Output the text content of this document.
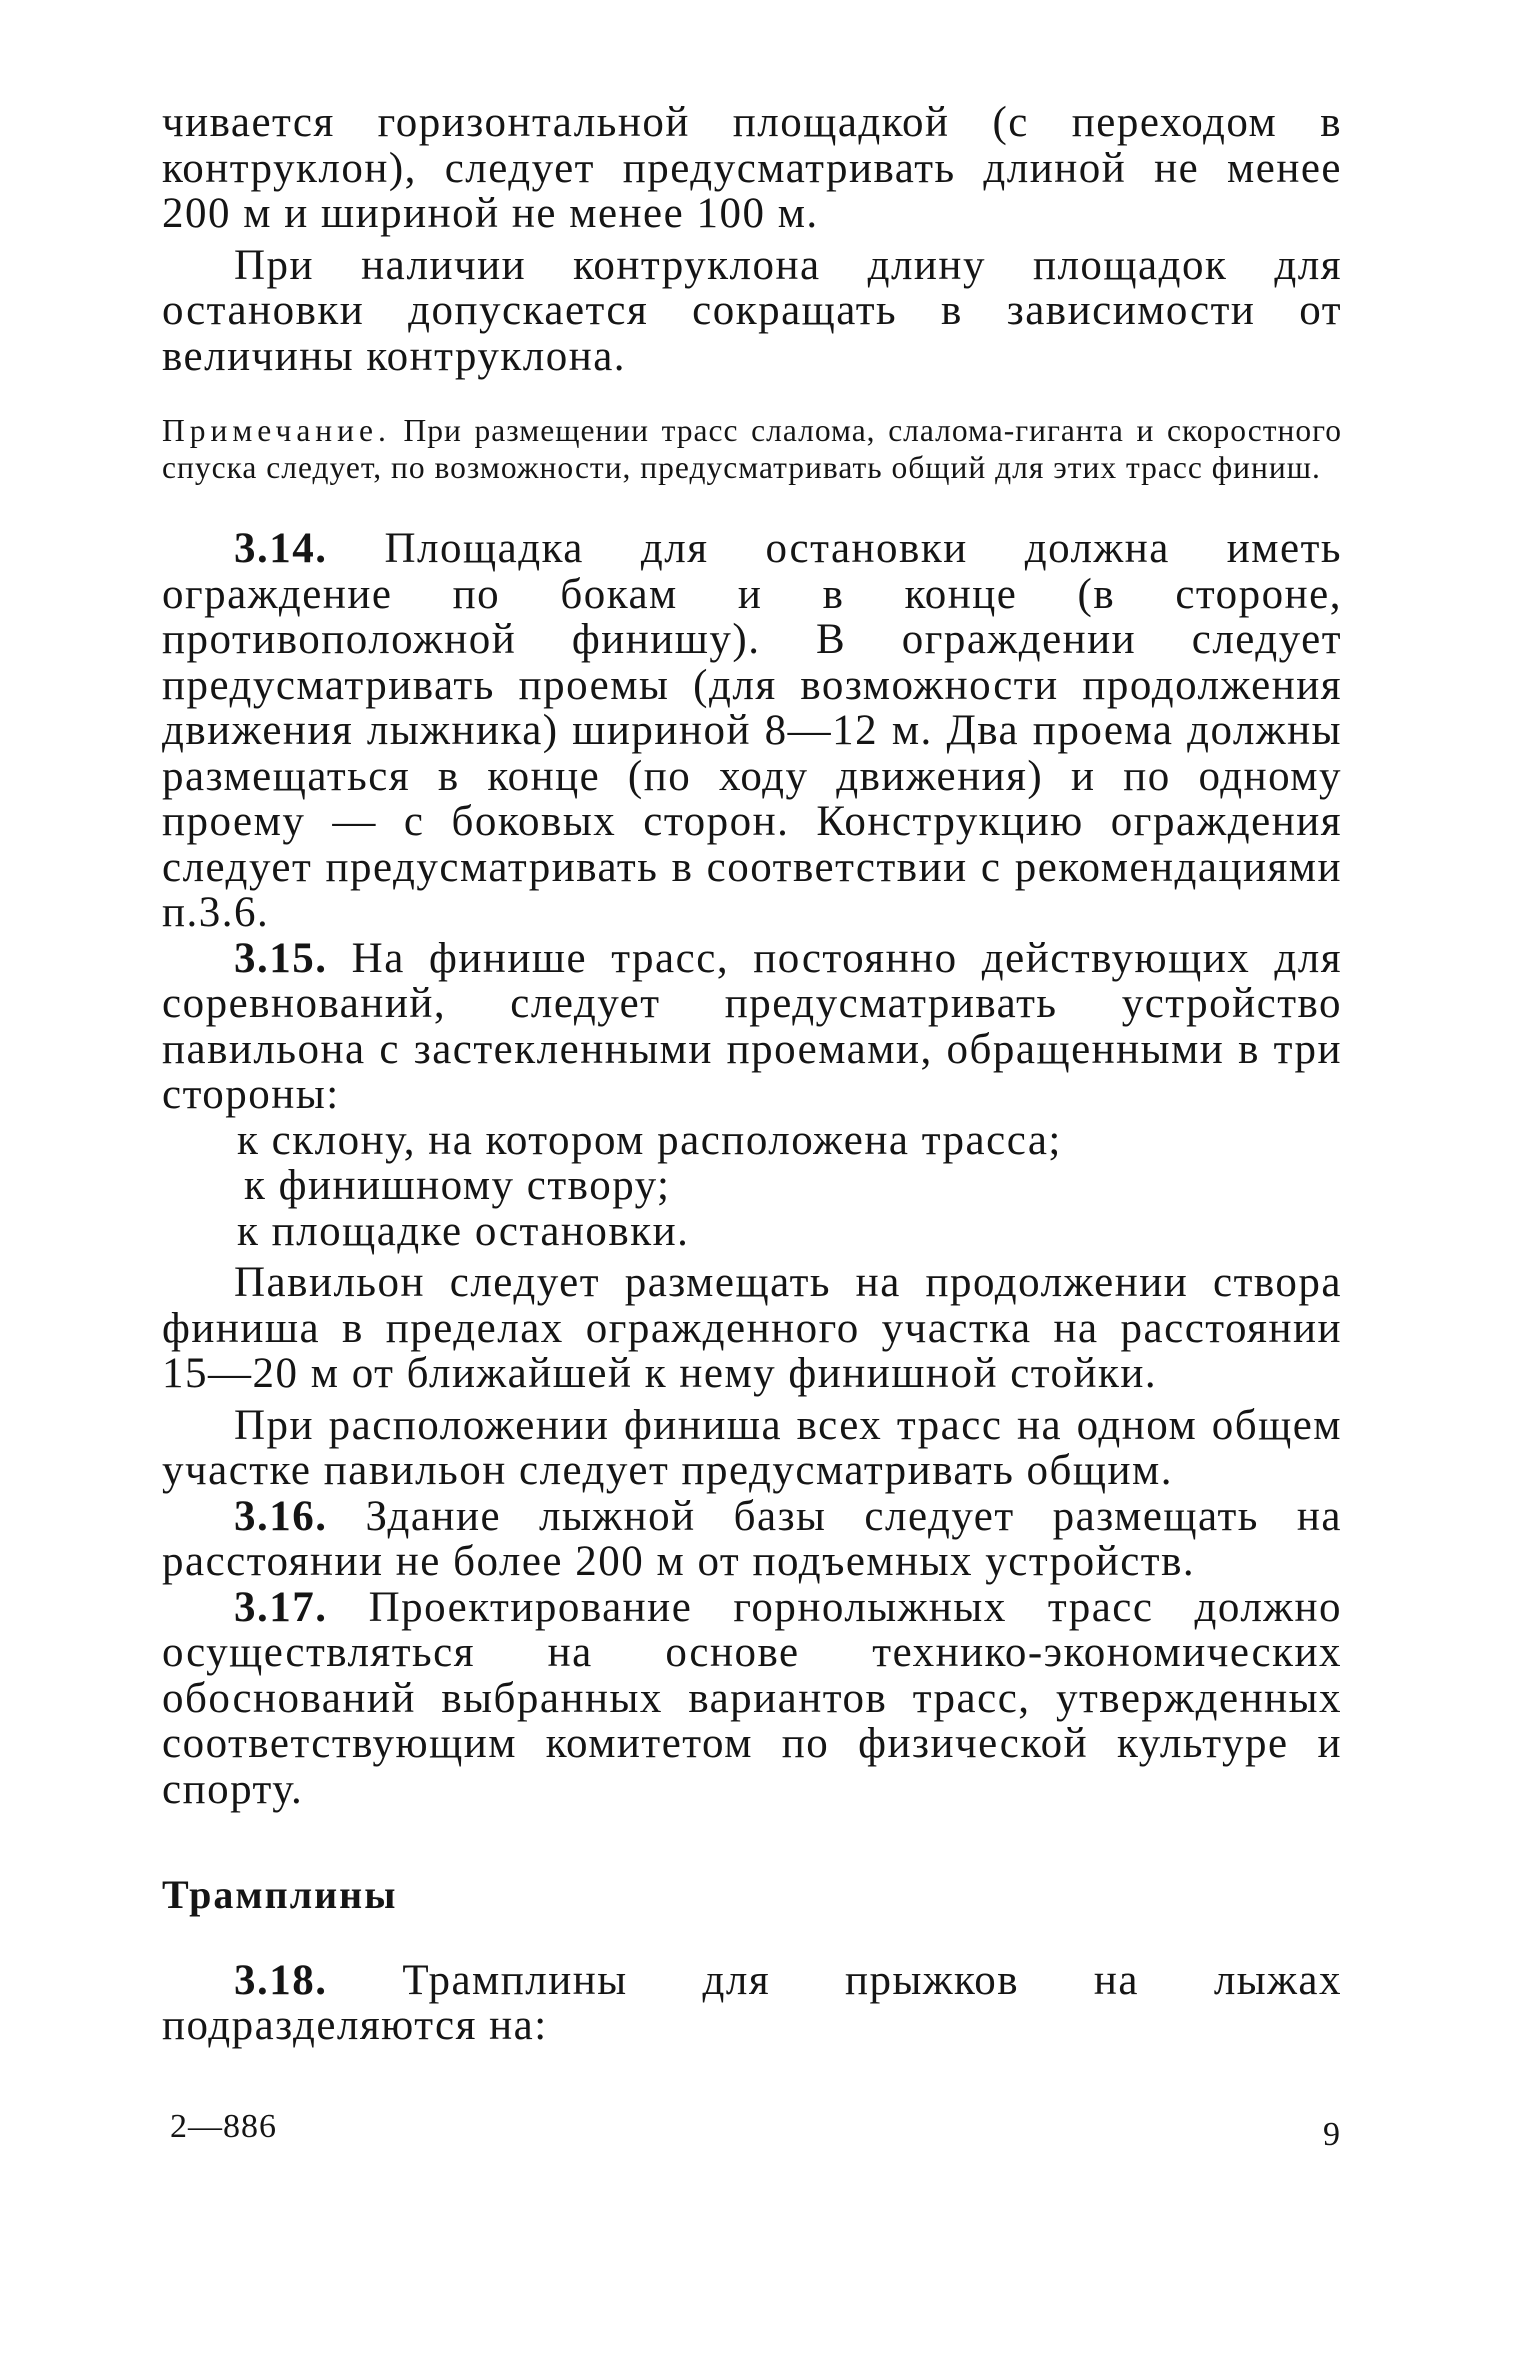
чивается горизонтальной площадкой (с переходом в контруклон), следует предусматривать длиной не менее 200 м и шириной не менее 100 м.

При наличии контруклона длину площадок для остановки допускается сокращать в зависимости от величины контруклона.

Примечание. При размещении трасс слалома, слалома-гиганта и скоростного спуска следует, по возможности, предусматривать общий для этих трасс финиш.

3.14. Площадка для остановки должна иметь ограждение по бокам и в конце (в стороне, противоположной финишу). В ограждении следует предусматривать проемы (для возможности продолжения движения лыжника) шириной 8—12 м. Два проема должны размещаться в конце (по ходу движения) и по одному проему — с боковых сторон. Конструкцию ограждения следует предусматривать в соответствии с рекомендациями п.3.6.

3.15. На финише трасс, постоянно действующих для соревнований, следует предусматривать устройство павильона с застекленными проемами, обращенными в три стороны:

к склону, на котором расположена трасса;

к финишному створу;

к площадке остановки.

Павильон следует размещать на продолжении створа финиша в пределах огражденного участка на расстоянии 15—20 м от ближайшей к нему финишной стойки.

При расположении финиша всех трасс на одном общем участке павильон следует предусматривать общим.

3.16. Здание лыжной базы следует размещать на расстоянии не более 200 м от подъемных устройств.

3.17. Проектирование горнолыжных трасс должно осуществляться на основе технико-экономических обоснований выбранных вариантов трасс, утвержденных соответствующим комитетом по физической культуре и спорту.

Трамплины

3.18. Трамплины для прыжков на лыжах подразделяются на:

2—886	9
